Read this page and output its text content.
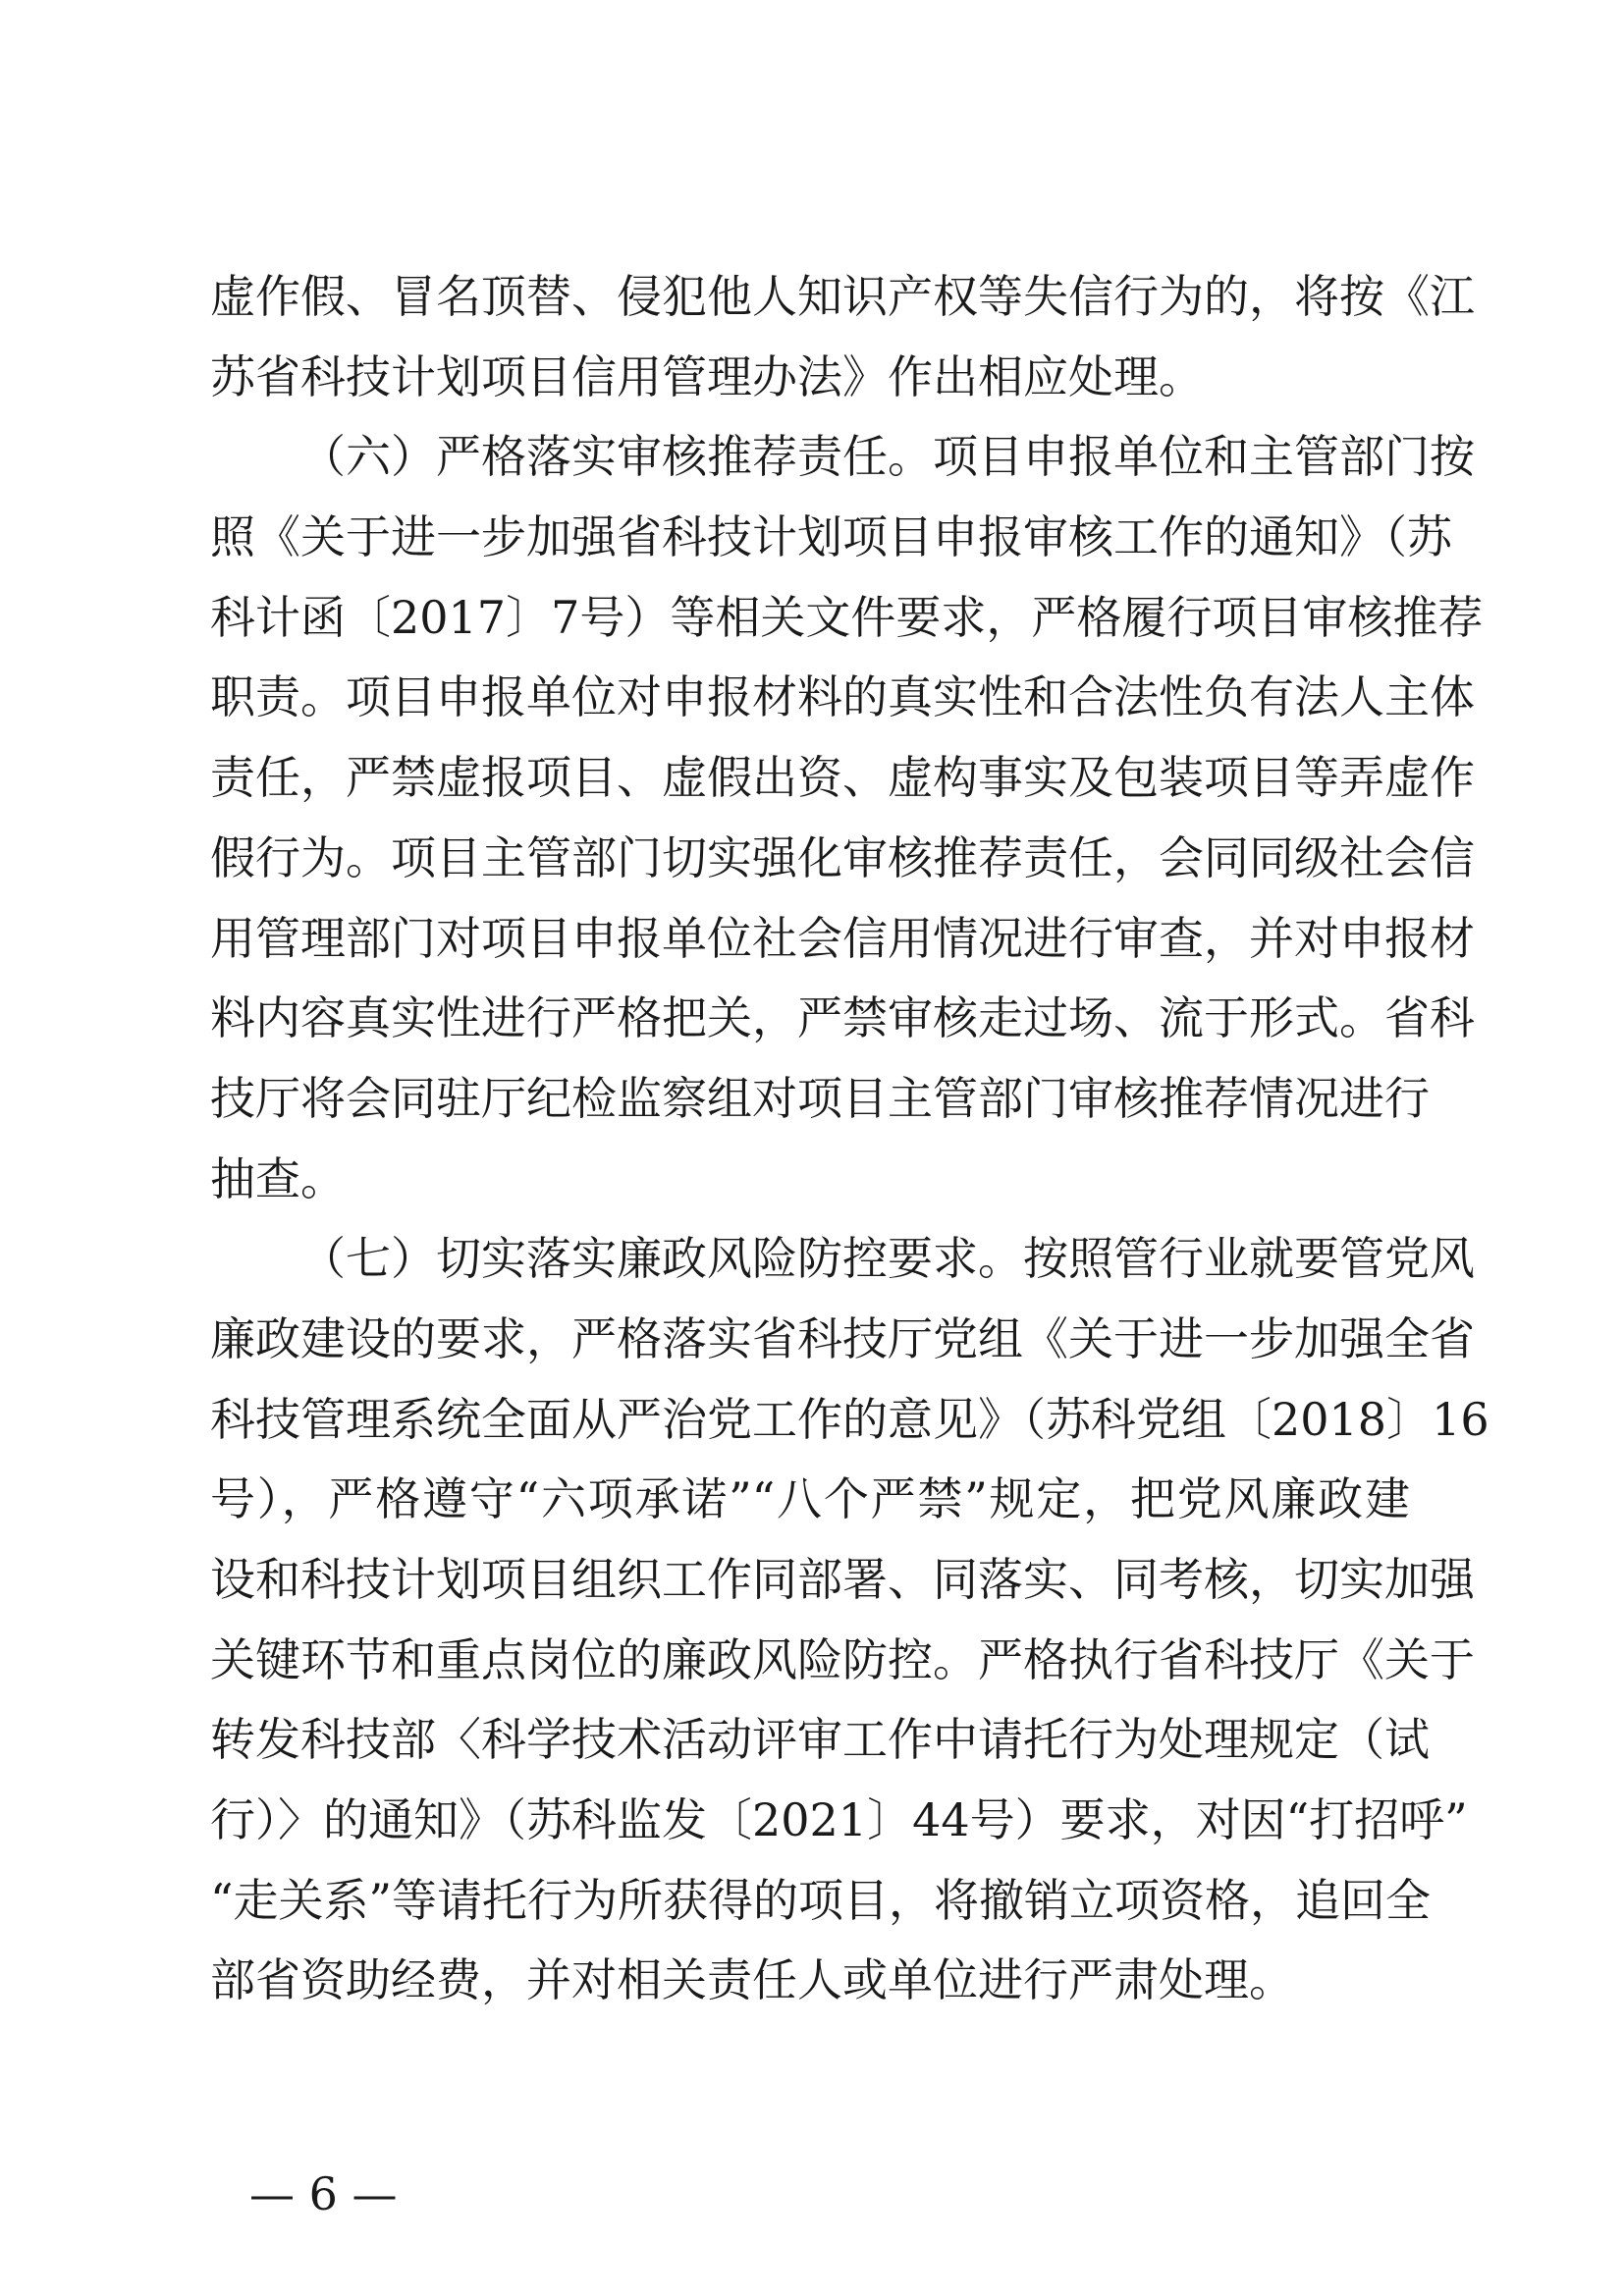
虚作假、冒名顶替、侵犯他人知识产权等失信行为的，将按《江
苏省科技计划项目信用管理办法》作出相应处理。
（六）严格落实审核推荐责任。项目申报单位和主管部门按
照《关于进一步加强省科技计划项目申报审核工作的通知》（苏
科计函〔2017〕7号）等相关文件要求，严格履行项目审核推荐
职责。项目申报单位对申报材料的真实性和合法性负有法人主体
责任，严禁虚报项目、虚假出资、虚构事实及包装项目等弄虚作
假行为。项目主管部门切实强化审核推荐责任，会同同级社会信
用管理部门对项目申报单位社会信用情况进行审查，并对申报材
料内容真实性进行严格把关，严禁审核走过场、流于形式。省科
技厅将会同驻厅纪检监察组对项目主管部门审核推荐情况进行
抽查。
（七）切实落实廉政风险防控要求。按照管行业就要管党风
廉政建设的要求，严格落实省科技厅党组《关于进一步加强全省
科技管理系统全面从严治党工作的意见》（苏科党组〔2018〕16
号），严格遵守“六项承诺”“八个严禁”规定，把党风廉政建
设和科技计划项目组织工作同部署、同落实、同考核，切实加强
关键环节和重点岗位的廉政风险防控。严格执行省科技厅《关于
转发科技部〈科学技术活动评审工作中请托行为处理规定（试
行）〉的通知》（苏科监发〔2021〕44号）要求，对因“打招呼”
“走关系”等请托行为所获得的项目，将撤销立项资格，追回全
部省资助经费，并对相关责任人或单位进行严肃处理。
— 6 —
